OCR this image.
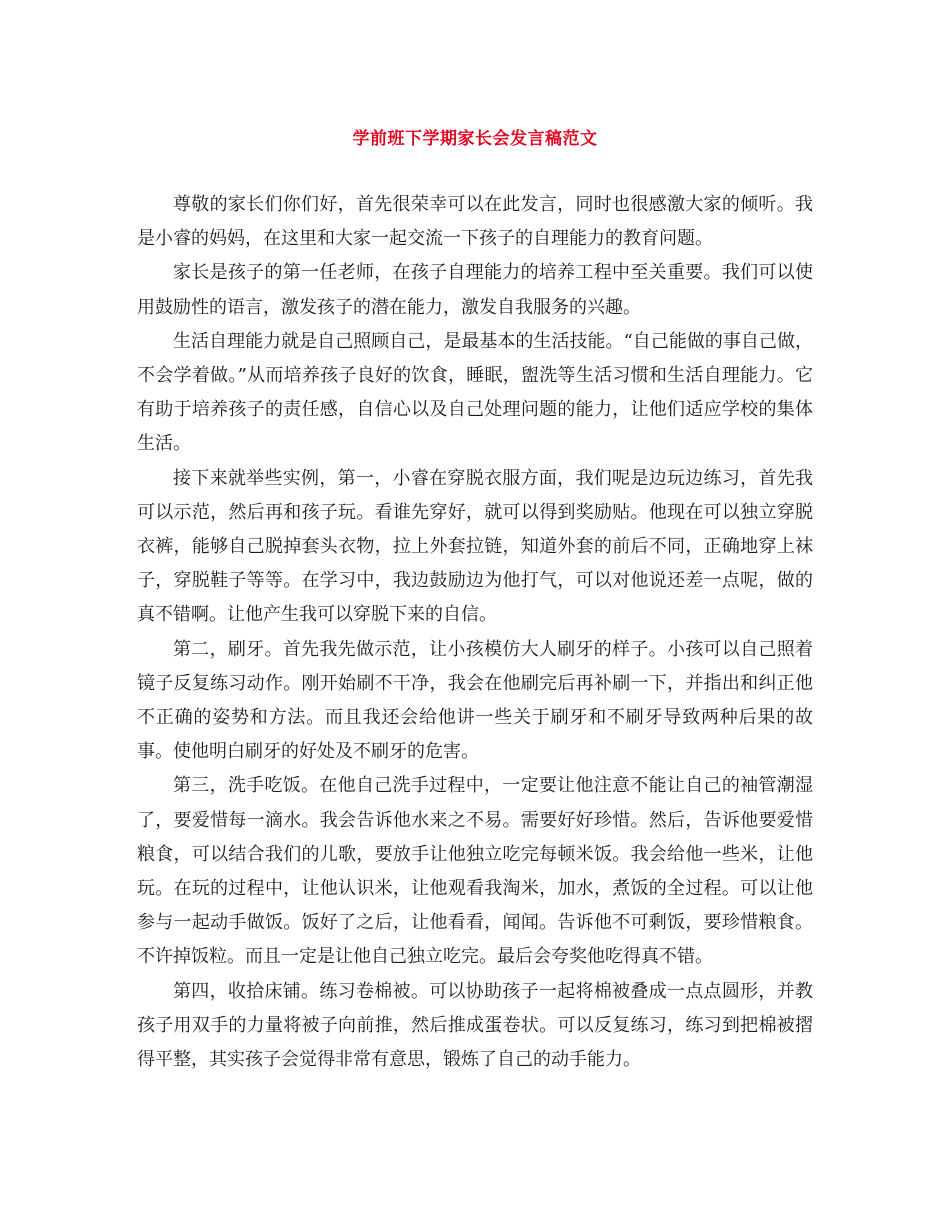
学前班下学期家长会发言稿范文

尊敬的家长们你们好，首先很荣幸可以在此发言，同时也很感激大家的倾听。我是小睿的妈妈，在这里和大家一起交流一下孩子的自理能力的教育问题。

家长是孩子的第一任老师，在孩子自理能力的培养工程中至关重要。我们可以使用鼓励性的语言，激发孩子的潜在能力，激发自我服务的兴趣。

生活自理能力就是自己照顾自己，是最基本的生活技能。“自己能做的事自己做，不会学着做。”从而培养孩子良好的饮食，睡眠，盥洗等生活习惯和生活自理能力。它有助于培养孩子的责任感，自信心以及自己处理问题的能力，让他们适应学校的集体生活。

接下来就举些实例，第一，小睿在穿脱衣服方面，我们呢是边玩边练习，首先我可以示范，然后再和孩子玩。看谁先穿好，就可以得到奖励贴。他现在可以独立穿脱衣裤，能够自己脱掉套头衣物，拉上外套拉链，知道外套的前后不同，正确地穿上袜子，穿脱鞋子等等。在学习中，我边鼓励边为他打气，可以对他说还差一点呢，做的真不错啊。让他产生我可以穿脱下来的自信。

第二，刷牙。首先我先做示范，让小孩模仿大人刷牙的样子。小孩可以自己照着镜子反复练习动作。刚开始刷不干净，我会在他刷完后再补刷一下，并指出和纠正他不正确的姿势和方法。而且我还会给他讲一些关于刷牙和不刷牙导致两种后果的故事。使他明白刷牙的好处及不刷牙的危害。

第三，洗手吃饭。在他自己洗手过程中，一定要让他注意不能让自己的袖管潮湿了，要爱惜每一滴水。我会告诉他水来之不易。需要好好珍惜。然后，告诉他要爱惜粮食，可以结合我们的儿歌，要放手让他独立吃完每顿米饭。我会给他一些米，让他玩。在玩的过程中，让他认识米，让他观看我淘米，加水，煮饭的全过程。可以让他参与一起动手做饭。饭好了之后，让他看看，闻闻。告诉他不可剩饭，要珍惜粮食。不许掉饭粒。而且一定是让他自己独立吃完。最后会夸奖他吃得真不错。

第四，收拾床铺。练习卷棉被。可以协助孩子一起将棉被叠成一点点圆形，并教孩子用双手的力量将被子向前推，然后推成蛋卷状。可以反复练习，练习到把棉被摺得平整，其实孩子会觉得非常有意思，锻炼了自己的动手能力。
